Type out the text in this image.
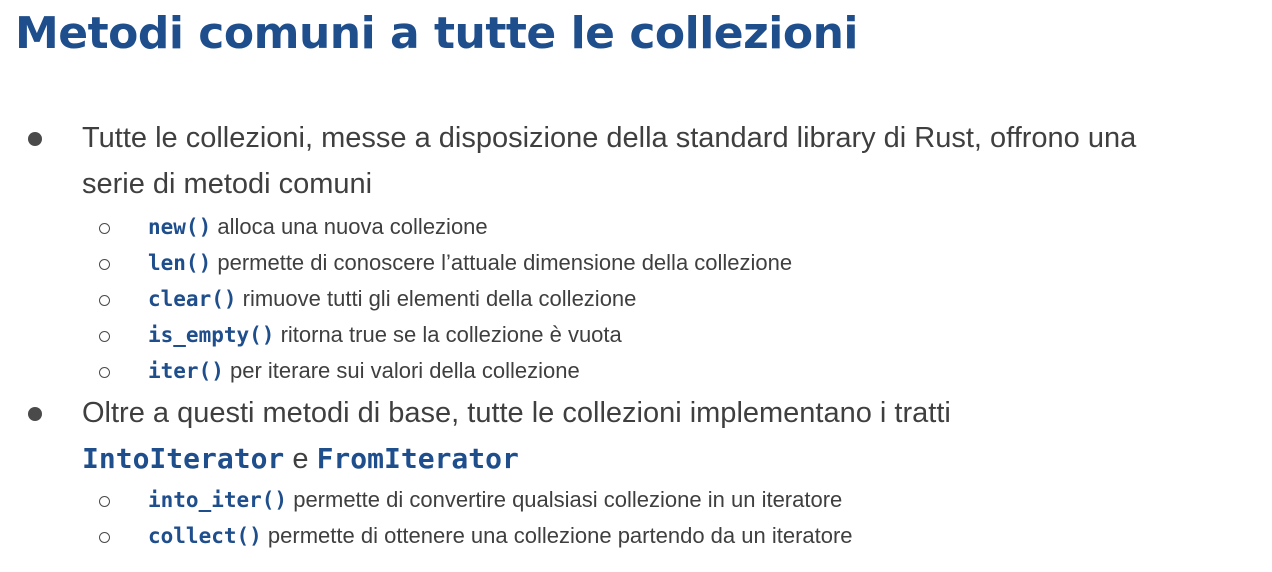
Metodi comuni a tutte le collezioni
Tutte le collezioni, messe a disposizione della standard library di Rust, offrono una
serie di metodi comuni
new() alloca una nuova collezione
len() permette di conoscere l’attuale dimensione della collezione
clear() rimuove tutti gli elementi della collezione
is_empty() ritorna true se la collezione è vuota
iter() per iterare sui valori della collezione
Oltre a questi metodi di base, tutte le collezioni implementano i tratti
IntoIterator e FromIterator
into_iter() permette di convertire qualsiasi collezione in un iteratore
collect() permette di ottenere una collezione partendo da un iteratore
